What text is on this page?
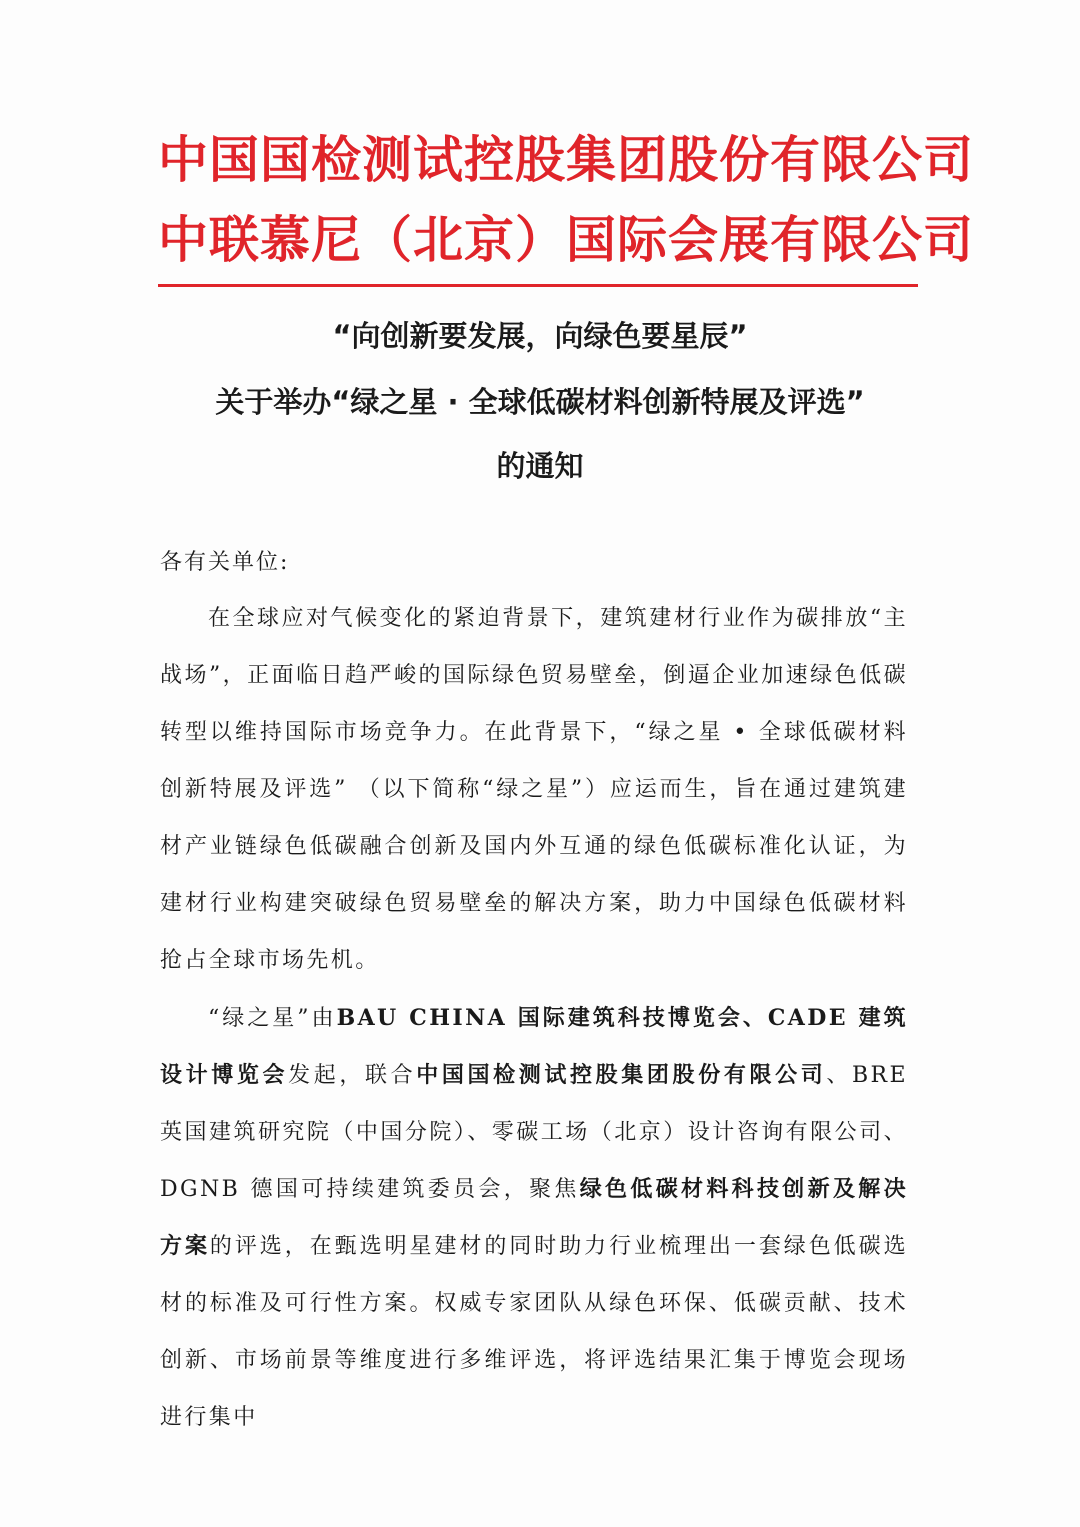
中国国检测试控股集团股份有限公司
中联慕尼（北京）国际会展有限公司
“向创新要发展，向绿色要星辰”
关于举办“绿之星 · 全球低碳材料创新特展及评选”
的通知
各有关单位:
在全球应对气候变化的紧迫背景下，建筑建材行业作为碳排放“主战场”，正面临日趋严峻的国际绿色贸易壁垒，倒逼企业加速绿色低碳转型以维持国际市场竞争力。在此背景下，“绿之星 • 全球低碳材料创新特展及评选” （以下简称“绿之星”）应运而生，旨在通过建筑建材产业链绿色低碳融合创新及国内外互通的绿色低碳标准化认证，为建材行业构建突破绿色贸易壁垒的解决方案，助力中国绿色低碳材料抢占全球市场先机。
“绿之星”由BAU CHINA 国际建筑科技博览会、CADE 建筑设计博览会发起，联合中国国检测试控股集团股份有限公司、BRE 英国建筑研究院（中国分院）、零碳工场（北京）设计咨询有限公司、DGNB 德国可持续建筑委员会，聚焦绿色低碳材料科技创新及解决方案的评选，在甄选明星建材的同时助力行业梳理出一套绿色低碳选材的标准及可行性方案。权威专家团队从绿色环保、低碳贡献、技术创新、市场前景等维度进行多维评选，将评选结果汇集于博览会现场进行集中
